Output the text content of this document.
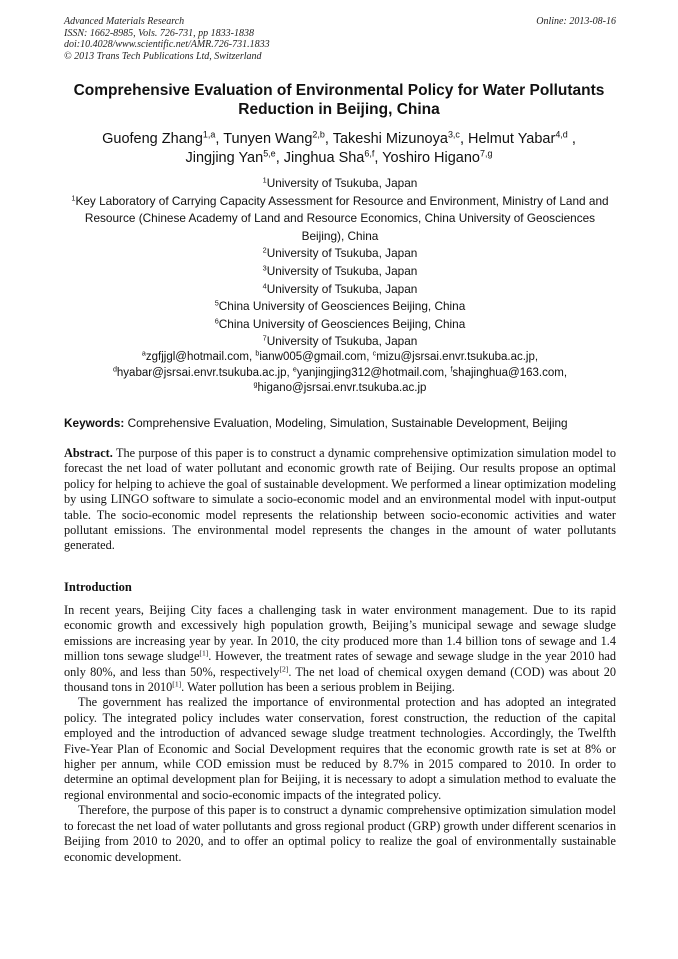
Advanced Materials Research
ISSN: 1662-8985, Vols. 726-731, pp 1833-1838
doi:10.4028/www.scientific.net/AMR.726-731.1833
© 2013 Trans Tech Publications Ltd, Switzerland
Online: 2013-08-16
Comprehensive Evaluation of Environmental Policy for Water Pollutants Reduction in Beijing, China
Guofeng Zhang$^{1,a}$, Tunyen Wang$^{2,b}$, Takeshi Mizunoya$^{3,c}$, Helmut Yabar$^{4,d}$ ,
Jingjing Yan$^{5,e}$, Jinghua Sha$^{6,f}$, Yoshiro Higano$^{7,g}$
$^1$University of Tsukuba, Japan
$^1$Key Laboratory of Carrying Capacity Assessment for Resource and Environment, Ministry of Land and Resource (Chinese Academy of Land and Resource Economics, China University of Geosciences Beijing), China
$^2$University of Tsukuba, Japan
$^3$University of Tsukuba, Japan
$^4$University of Tsukuba, Japan
$^5$China University of Geosciences Beijing, China
$^6$China University of Geosciences Beijing, China
$^7$University of Tsukuba, Japan
$^a$zgfjjgl@hotmail.com, $^b$ianw005@gmail.com, $^c$mizu@jsrsai.envr.tsukuba.ac.jp,
$^d$hyabar@jsrsai.envr.tsukuba.ac.jp, $^e$yanjingjing312@hotmail.com, $^f$shajinghua@163.com,
$^g$higano@jsrsai.envr.tsukuba.ac.jp
Keywords: Comprehensive Evaluation, Modeling, Simulation, Sustainable Development, Beijing
Abstract. The purpose of this paper is to construct a dynamic comprehensive optimization simulation model to forecast the net load of water pollutant and economic growth rate of Beijing. Our results propose an optimal policy for helping to achieve the goal of sustainable development. We performed a linear optimization modeling by using LINGO software to simulate a socio-economic model and an environmental model with input-output table. The socio-economic model represents the relationship between socio-economic activities and water pollutant emissions. The environmental model represents the changes in the amount of water pollutants generated.
Introduction

In recent years, Beijing City faces a challenging task in water environment management. Due to its rapid economic growth and excessively high population growth, Beijing’s municipal sewage and sewage sludge emissions are increasing year by year. In 2010, the city produced more than 1.4 billion tons of sewage and 1.4 million tons sewage sludge[1]. However, the treatment rates of sewage and sewage sludge in the year 2010 had only 80%, and less than 50%, respectively[2]. The net load of chemical oxygen demand (COD) was about 20 thousand tons in 2010[1]. Water pollution has been a serious problem in Beijing.

The government has realized the importance of environmental protection and has adopted an integrated policy. The integrated policy includes water conservation, forest construction, the reduction of the capital employed and the introduction of advanced sewage sludge treatment technologies. Accordingly, the Twelfth Five-Year Plan of Economic and Social Development requires that the economic growth rate is set at 8% or higher per annum, while COD emission must be reduced by 8.7% in 2015 compared to 2010. In order to determine an optimal development plan for Beijing, it is necessary to adopt a simulation method to evaluate the regional environmental and socio-economic impacts of the integrated policy.

Therefore, the purpose of this paper is to construct a dynamic comprehensive optimization simulation model to forecast the net load of water pollutants and gross regional product (GRP) growth under different scenarios in Beijing from 2010 to 2020, and to offer an optimal policy to realize the goal of environmentally sustainable economic development.
